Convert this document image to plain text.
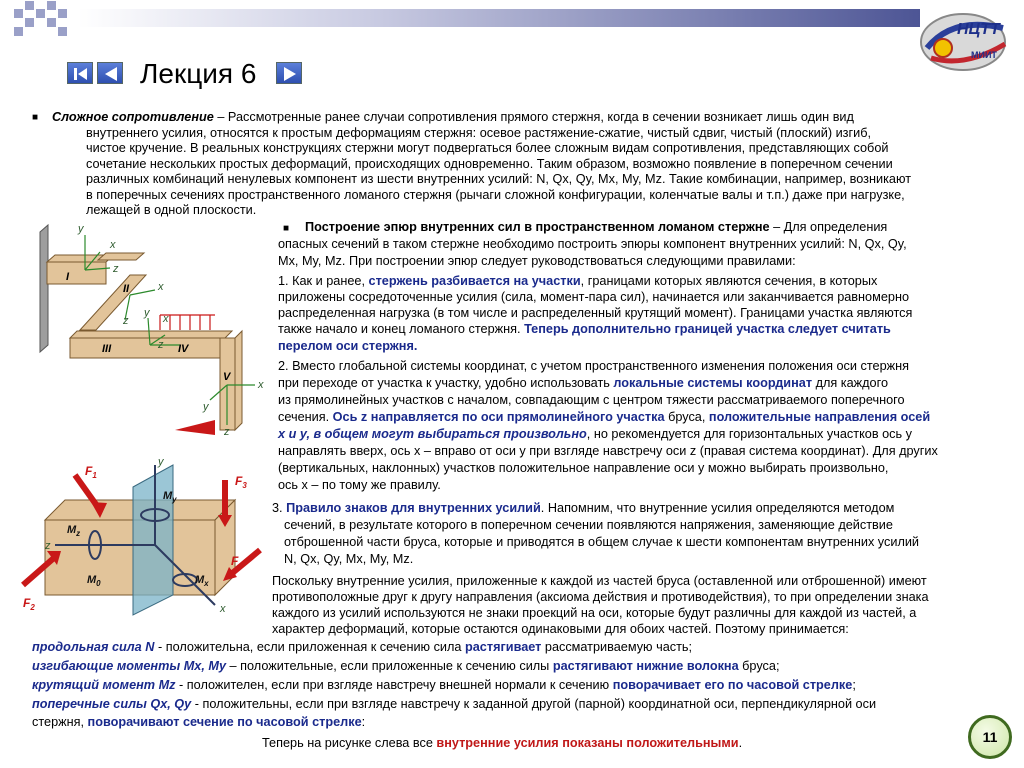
НЦТТ
МИИТ
Лекция 6
■ Сложное сопротивление – Рассмотренные ранее случаи сопротивления прямого стержня, когда в сечении возникает лишь один вид
внутреннего усилия, относятся к простым деформациям стержня: осевое растяжение-сжатие, чистый сдвиг, чистый (плоский) изгиб,
чистое кручение. В реальных конструкциях стержни могут подвергаться более сложным видам сопротивления, представляющих собой
сочетание нескольких простых деформаций, происходящих одновременно. Таким образом, возможно появление в поперечном сечении
различных комбинаций ненулевых компонент из шести внутренних усилий: N, Qx, Qy, Mx, My, Mz. Такие комбинации, например, возникают
в поперечных сечениях пространственного ломаного стержня (рычаги сложной конфигурации, коленчатые валы и т.п.) даже при нагрузке,
лежащей в одной плоскости.
■ Построение эпюр внутренних сил в пространственном ломаном стержне – Для определения
опасных сечений в таком стержне необходимо построить эпюры компонент внутренних усилий: N, Qx, Qy,
Mx, My, Mz. При построении эпюр следует руководствоваться следующими правилами:
1. Как и ранее, стержень разбивается на участки, границами которых являются сечения, в которых
приложены сосредоточенные усилия (сила, момент-пара сил), начинается или заканчивается равномерно
распределенная нагрузка (в том числе и распределенный крутящий момент). Границами участка являются
также начало и конец ломаного стержня. Теперь дополнительно границей участка следует считать
перелом оси стержня.
2. Вместо глобальной системы координат, с учетом пространственного изменения положения оси стержня
при переходе от участка к участку, удобно использовать локальные системы координат для каждого
из прямолинейных участков с началом, совпадающим с центром тяжести рассматриваемого поперечного
сечения. Ось z направляется по оси прямолинейного участка бруса, положительные направления осей
x и y, в общем могут выбираться произвольно, но рекомендуется для горизонтальных участков ось y
направлять вверх, ось x – вправо от оси y при взгляде навстречу оси z (правая система координат). Для других
(вертикальных, наклонных) участков положительное направление оси y можно выбирать произвольно,
ось x – по тому же правилу.
3. Правило знаков для внутренних усилий. Напомним, что внутренние усилия определяются методом
сечений, в результате которого в поперечном сечении появляются напряжения, заменяющие действие
отброшенной части бруса, которые и приводятся в общем случае к шести компонентам внутренних усилий
N, Qx, Qy, Mx, My, Mz.
Поскольку внутренние усилия, приложенные к каждой из частей бруса (оставленной или отброшенной) имеют
противоположные друг к другу направления (аксиома действия и противодействия), то при определении знака
каждого из усилий используются не знаки проекций на оси, которые будут различны для каждой из частей, а
характер деформаций, которые остаются одинаковыми для обоих частей. Поэтому принимается:
продольная сила N - положительна, если приложенная к сечению сила растягивает рассматриваемую часть;
изгибающие моменты Mx, My – положительные, если приложенные к сечению силы растягивают нижние волокна бруса;
крутящий момент Mz - положителен, если при взгляде навстречу внешней нормали к сечению поворачивает его по часовой стрелке;
поперечные силы Qx, Qy - положительны, если при взгляде навстречу к заданной другой (парной) координатной оси, перпендикулярной оси
стержня, поворачивают сечение по часовой стрелке:
Теперь на рисунке слева все внутренние усилия показаны положительными.	11
y
x
z
x
z	x
y
z
x
y
z
I
II
III	IV
V
$F_1$
$F_2$
$F_3$
$F_4$
$M_y$
$M_x$
$M_z$
$M_0$
y
x
z
